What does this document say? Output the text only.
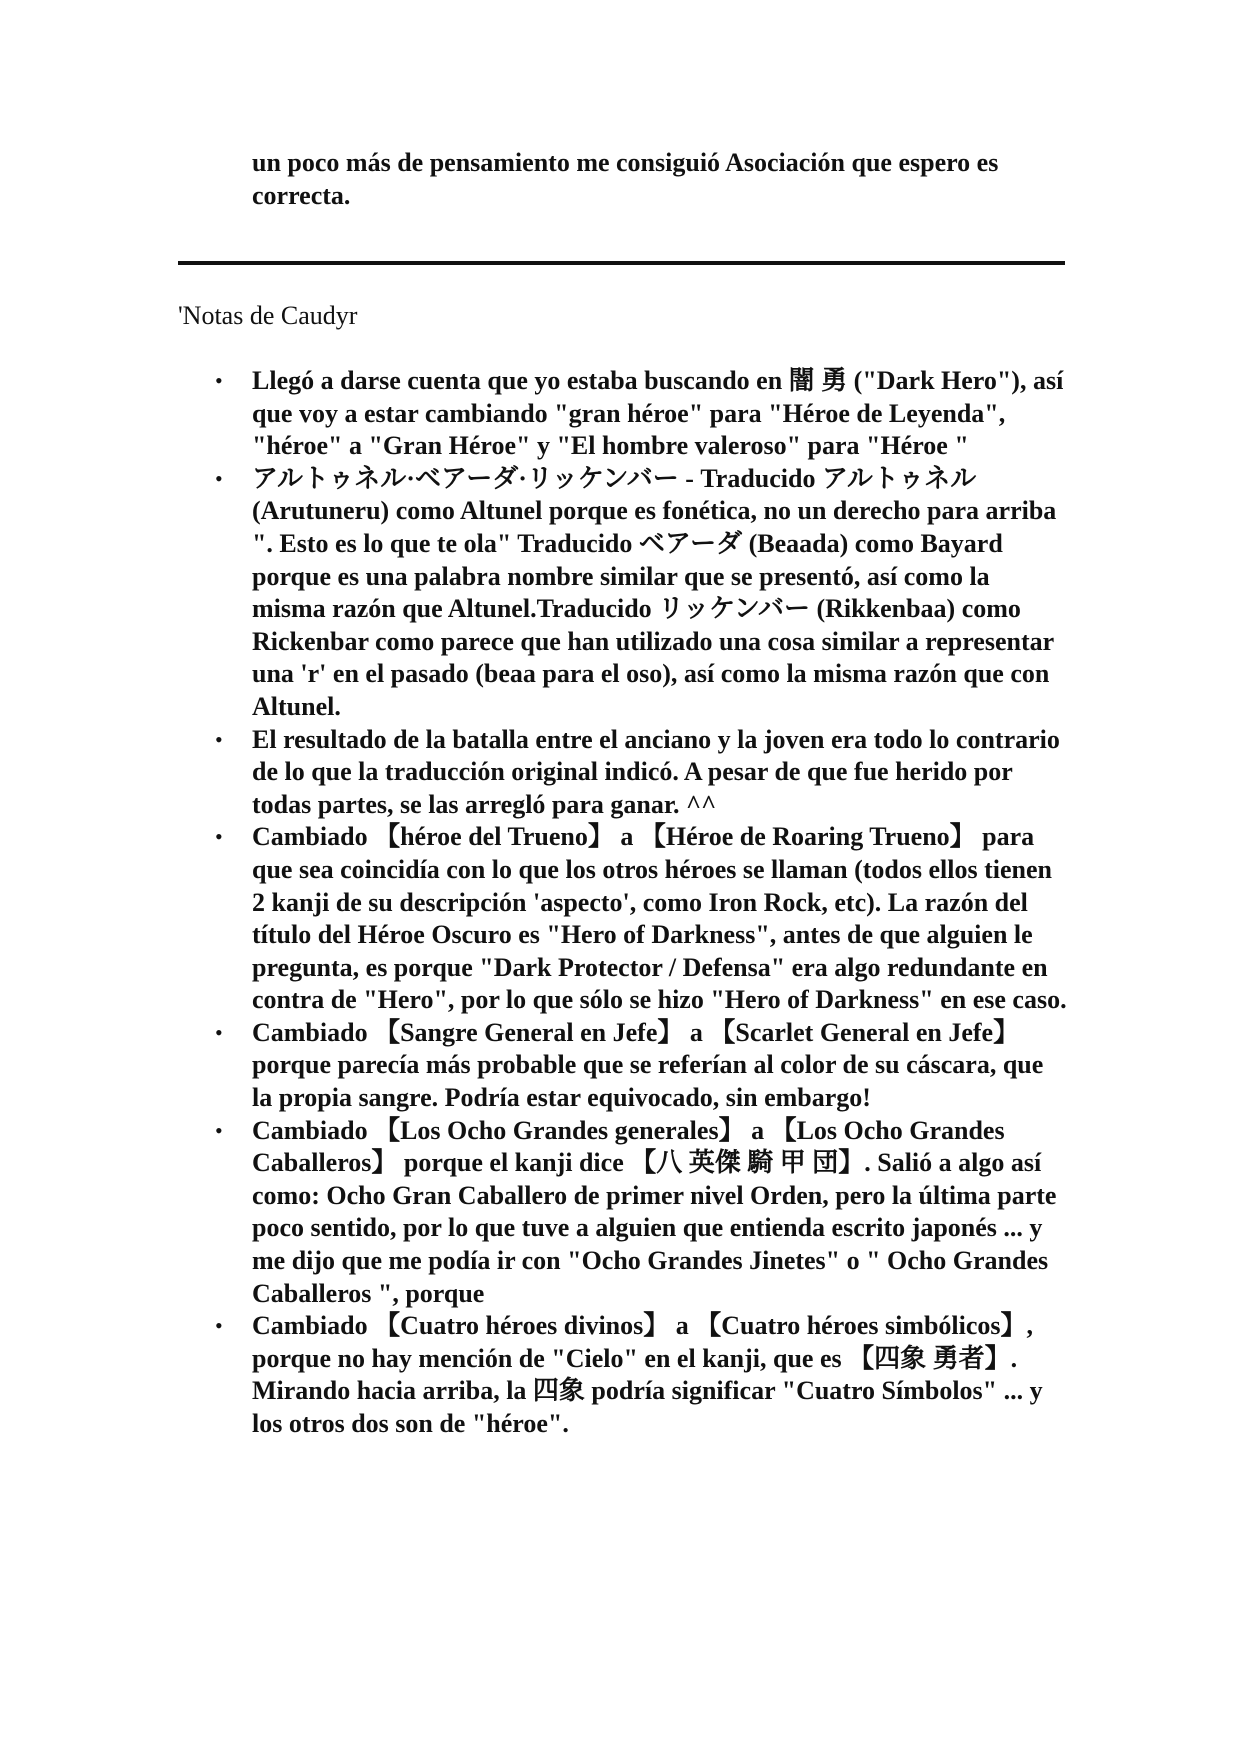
un poco más de pensamiento me consiguió Asociación que espero es correcta.

'Notas de Caudyr

• Llegó a darse cuenta que yo estaba buscando en 闇 勇 ("Dark Hero"), así que voy a estar cambiando "gran héroe" para "Héroe de Leyenda", "héroe" a "Gran Héroe" y "El hombre valeroso" para "Héroe "
• アルトゥネル·ベアーダ·リッケンバー - Traducido アルトゥネル (Arutuneru) como Altunel porque es fonética, no un derecho para arriba ". Esto es lo que te ola" Traducido ベアーダ (Beaada) como Bayard porque es una palabra nombre similar que se presentó, así como la misma razón que Altunel.Traducido リッケンバー (Rikkenbaa) como Rickenbar como parece que han utilizado una cosa similar a representar una 'r' en el pasado (beaa para el oso), así como la misma razón que con Altunel.
• El resultado de la batalla entre el anciano y la joven era todo lo contrario de lo que la traducción original indicó. A pesar de que fue herido por todas partes, se las arregló para ganar. ^^
• Cambiado 【héroe del Trueno】 a 【Héroe de Roaring Trueno】 para que sea coincidía con lo que los otros héroes se llaman (todos ellos tienen 2 kanji de su descripción 'aspecto', como Iron Rock, etc). La razón del título del Héroe Oscuro es "Hero of Darkness", antes de que alguien le pregunta, es porque "Dark Protector / Defensa" era algo redundante en contra de "Hero", por lo que sólo se hizo "Hero of Darkness" en ese caso.
• Cambiado 【Sangre General en Jefe】 a 【Scarlet General en Jefe】 porque parecía más probable que se referían al color de su cáscara, que la propia sangre. Podría estar equivocado, sin embargo!
• Cambiado 【Los Ocho Grandes generales】 a 【Los Ocho Grandes Caballeros】 porque el kanji dice 【八 英傑 騎 甲 団】. Salió a algo así como: Ocho Gran Caballero de primer nivel Orden, pero la última parte poco sentido, por lo que tuve a alguien que entienda escrito japonés ... y me dijo que me podía ir con "Ocho Grandes Jinetes" o " Ocho Grandes Caballeros ", porque
• Cambiado 【Cuatro héroes divinos】 a 【Cuatro héroes simbólicos】, porque no hay mención de "Cielo" en el kanji, que es 【四象 勇者】. Mirando hacia arriba, la 四象 podría significar "Cuatro Símbolos" ... y los otros dos son de "héroe".
